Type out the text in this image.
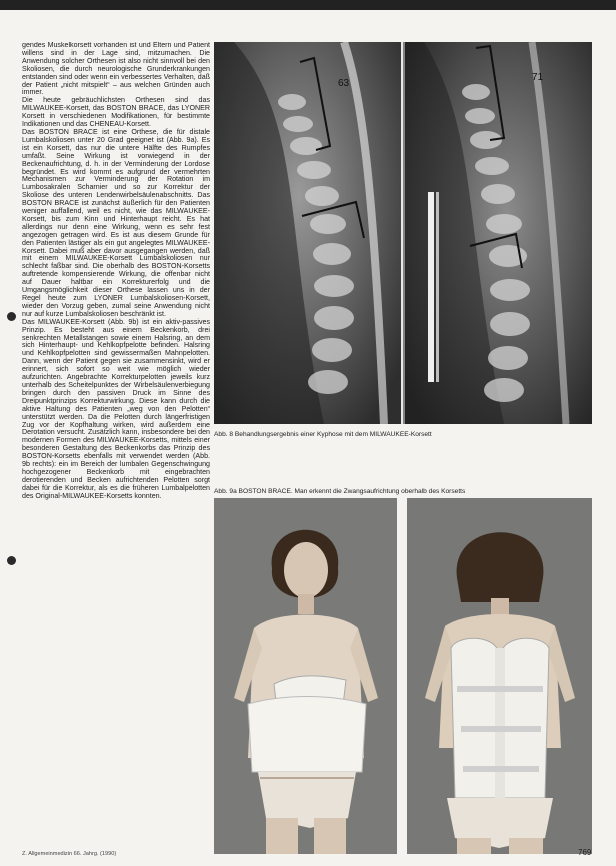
gendes Muskelkorsett vorhanden ist und Eltern und Patient willens sind in der Lage sind, mitzumachen. Die Anwendung solcher Orthesen ist also nicht sinnvoll bei den Skoliosen, die durch neurologische Grunderkrankungen entstanden sind oder wenn ein verbessertes Verhalten, daß der Patient „nicht mitspielt“ – aus welchen Gründen auch immer.

Die heute gebräuchlichsten Orthesen sind das MILWAUKEE-Korsett, das BOSTON BRACE, das LYONER Korsett in verschiedenen Modifikationen, für bestimmte Indikationen und das CHENEAU-Korsett.

Das BOSTON BRACE ist eine Orthese, die für distale Lumbalskoliosen unter 20 Grad geeignet ist (Abb. 9a). Es ist ein Korsett, das nur die untere Hälfte des Rumpfes umfaßt. Seine Wirkung ist vorwiegend in der Beckenaufrichtung, d. h. in der Verminderung der Lordose begründet. Es wird kommt es aufgrund der vermehrten Mechanismen zur Verminderung der Rotation im Lumbosakralen Scharnier und so zur Korrektur der Skoliose des unteren Lendenwirbelsäulenabschnitts. Das BOSTON BRACE ist zunächst äußerlich für den Patienten weniger auffallend, weil es nicht, wie das MILWAUKEE-Korsett, bis zum Kinn und Hinterhaupt reicht. Es hat allerdings nur denn eine Wirkung, wenn es sehr fest angezogen getragen wird. Es ist aus diesem Grunde für den Patienten lästiger als ein gut angelegtes MILWAUKEE-Korsett. Dabei muß aber davor ausgegangen werden, daß mit einem MILWAUKEE-Korsett Lumbalskoliosen nur schlecht faßbar sind. Die oberhalb des BOSTON-Korsetts auftretende kompensierende Wirkung, die offenbar nicht auf Dauer haltbar ein Korrekturerfolg und die Umgangsmöglichkeit dieser Orthese lassen uns in der Regel heute zum LYONER Lumbalskoliosen-Korsett, wieder den Vorzug geben, zumal seine Anwendung nicht nur auf kurze Lumbalskoliosen beschränkt ist.

Das MILWAUKEE-Korsett (Abb. 9b) ist ein aktiv-passives Prinzip. Es besteht aus einem Beckenkorb, drei senkrechten Metallstangen sowie einem Halsring, an dem sich Hinterhaupt- und Kehlkopfpelotte befinden. Halsring und Kehlkopfpelotten sind gewissermaßen Mahnpelotten. Dann, wenn der Patient gegen sie zusammensinkt, wird er erinnert, sich sofort so weit wie möglich wieder aufzurichten. Angebrachte Korrekturpelotten jeweils kurz unterhalb des Scheitelpunktes der Wirbelsäulenverbiegung bringen durch den passiven Druck im Sinne des Dreipunktprinzips Korrekturwirkung. Diese kann durch die aktive Haltung des Patienten „weg von den Pelotten“ unterstützt werden. Da die Pelotten durch längerfristigen Zug vor der Kopfhaltung wirken, wird außerdem eine Derotation versucht. Zusätzlich kann, insbesondere bei den modernen Formen des MILWAUKEE-Korsetts, mittels einer besonderen Gestaltung des Beckenkorbs das Prinzip des BOSTON-Korsetts ebenfalls mit verwendet werden (Abb. 9b rechts): ein im Bereich der lumbalen Gegenschwingung hochgezogener Beckenkorb mit eingebrachten derotierenden und Becken aufrichtenden Pelotten sorgt dabei für die Korrektur, als es die früheren Lumbalpelotten des Original-MILWAUKEE-Korsetts konnten.

63
71
Abb. 8 Behandlungsergebnis einer Kyphose mit dem MILWAUKEE-Korsett
Abb. 9a BOSTON BRACE. Man erkennt die Zwangsaufrichtung oberhalb des Korsetts
Z. Allgemeinmedizin 66. Jahrg. (1990)	769
